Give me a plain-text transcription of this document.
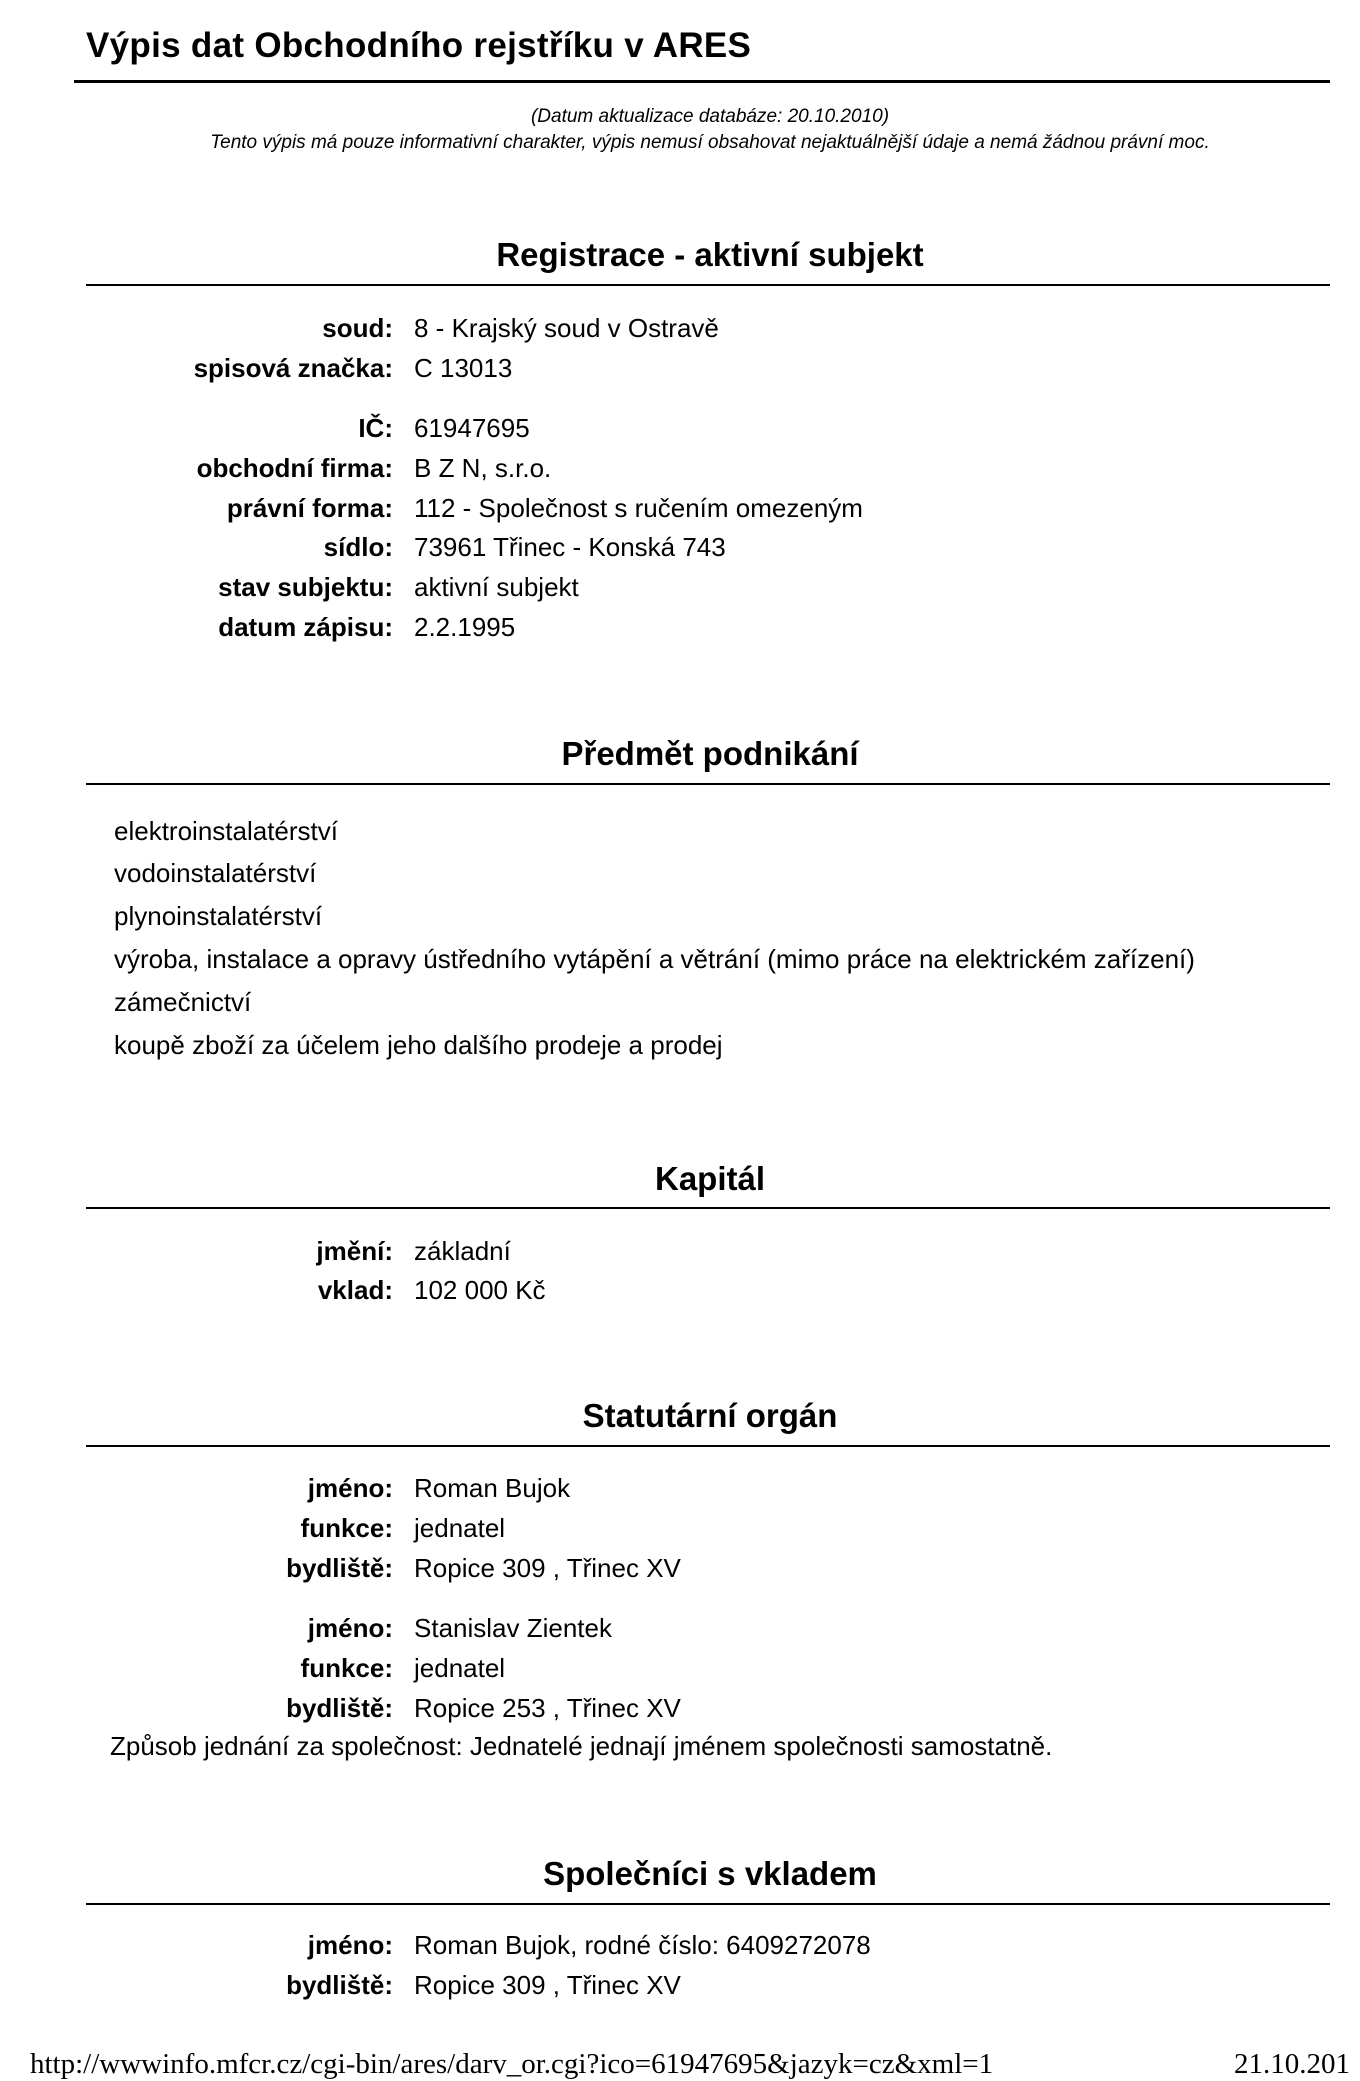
Výpis dat Obchodního rejstříku v ARES
(Datum aktualizace databáze: 20.10.2010)
Tento výpis má pouze informativní charakter, výpis nemusí obsahovat nejaktuálnější údaje a nemá žádnou právní moc.
Registrace - aktivní subjekt
soud: 8 - Krajský soud v Ostravě
spisová značka: C 13013
IČ: 61947695
obchodní firma: B Z N, s.r.o.
právní forma: 112 - Společnost s ručením omezeným
sídlo: 73961 Třinec - Konská 743
stav subjektu: aktivní subjekt
datum zápisu: 2.2.1995
Předmět podnikání
elektroinstalatérství
vodoinstalatérství
plynoinstalatérství
výroba, instalace a opravy ústředního vytápění a větrání (mimo práce na elektrickém zařízení)
zámečnictví
koupě zboží za účelem jeho dalšího prodeje a prodej
Kapitál
jmění: základní
vklad: 102 000 Kč
Statutární orgán
jméno: Roman Bujok
funkce: jednatel
bydliště: Ropice 309 , Třinec XV
jméno: Stanislav Zientek
funkce: jednatel
bydliště: Ropice 253 , Třinec XV
Způsob jednání za společnost: Jednatelé jednají jménem společnosti samostatně.
Společníci s vkladem
jméno: Roman Bujok, rodné číslo: 6409272078
bydliště: Ropice 309 , Třinec XV
http://wwwinfo.mfcr.cz/cgi-bin/ares/darv_or.cgi?ico=61947695&jazyk=cz&xml=1	21.10.201
